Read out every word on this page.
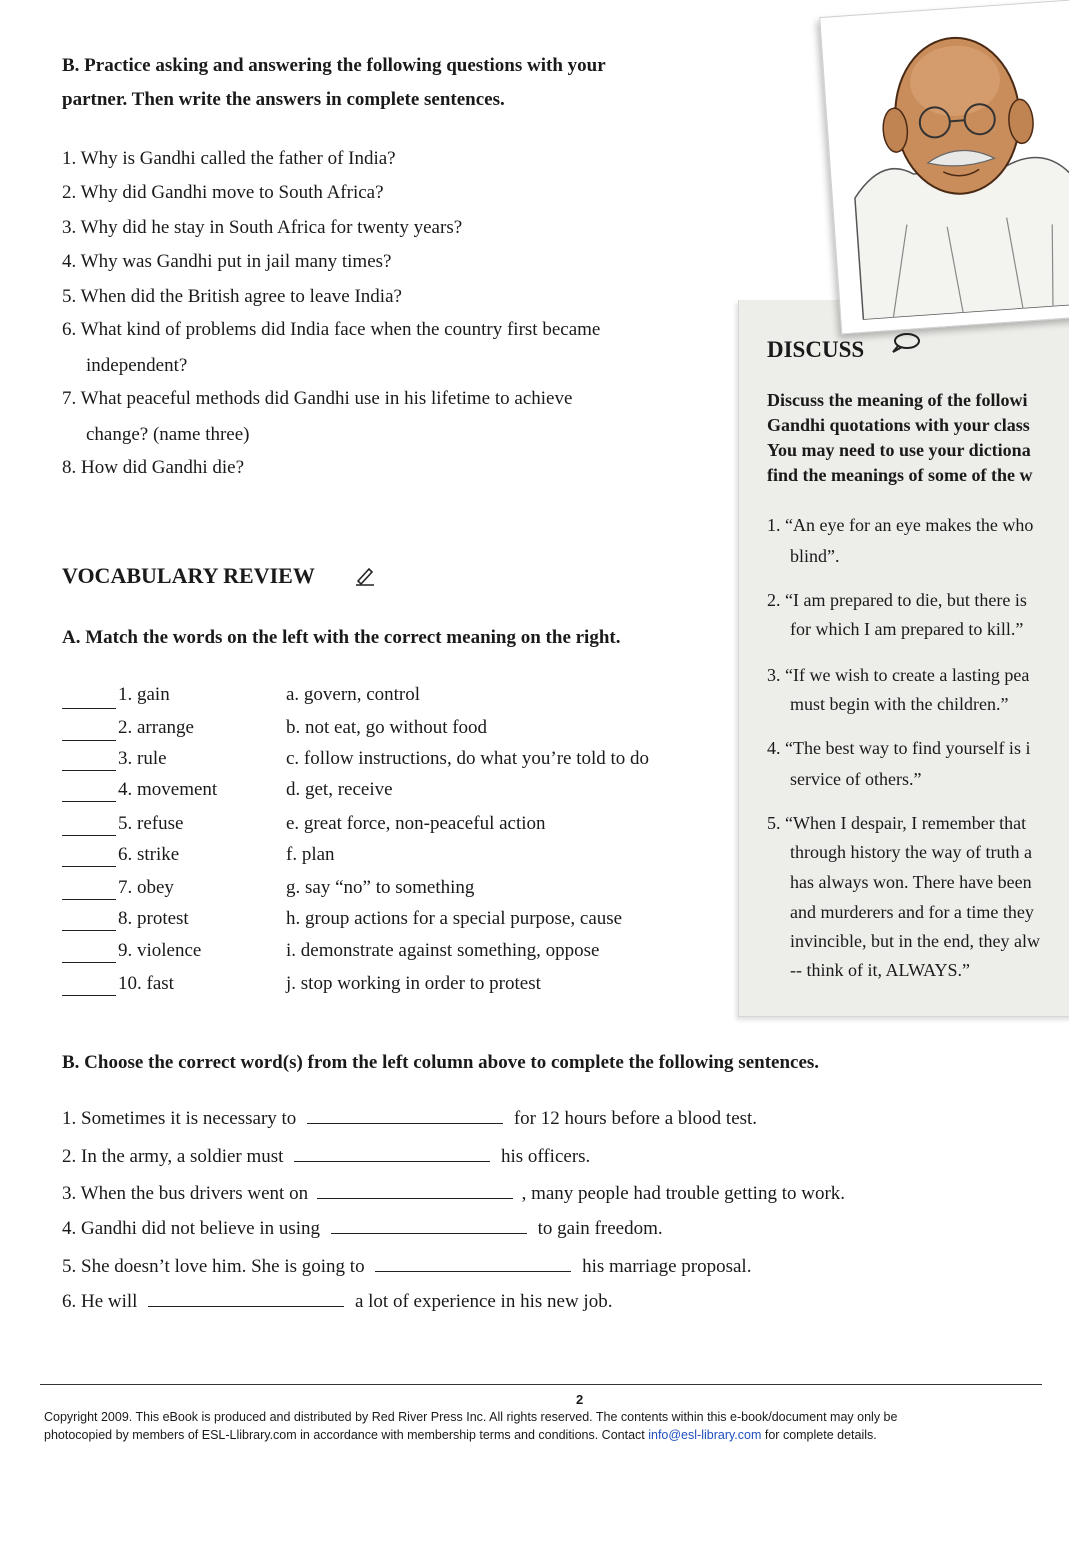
B. Practice asking and answering the following questions with your
partner. Then write the answers in complete sentences.
1. Why is Gandhi called the father of India?
2. Why did Gandhi move to South Africa?
3. Why did he stay in South Africa for twenty years?
4. Why was Gandhi put in jail many times?
5. When did the British agree to leave India?
6. What kind of problems did India face when the country first became
independent?
7. What peaceful methods did Gandhi use in his lifetime to achieve
change? (name three)
8. How did Gandhi die?
DISCUSS
Discuss the meaning of the followi
Gandhi quotations with your class
You may need to use your dictiona
find the meanings of some of the w
1. “An eye for an eye makes the who
blind”.
2. “I am prepared to die, but there is
for which I am prepared to kill.”
3. “If we wish to create a lasting pea
must begin with the children.”
4. “The best way to find yourself is i
service of others.”
5. “When I despair, I remember that
through history the way of truth a
has always won. There have been
and murderers and for a time they
invincible, but in the end, they alw
-- think of it, ALWAYS.”
VOCABULARY REVIEW
A. Match the words on the left with the correct meaning on the right.
1. gain	a. govern, control
2. arrange	b. not eat, go without food
3. rule	c. follow instructions, do what you’re told to do
4. movement	d. get, receive
5. refuse	e. great force, non-peaceful action
6. strike	f. plan
7. obey	g. say “no” to something
8. protest	h. group actions for a special purpose, cause
9. violence	i. demonstrate against something, oppose
10. fast	j. stop working in order to protest
B. Choose the correct word(s) from the left column above to complete the following sentences.
1. Sometimes it is necessary to	for 12 hours before a blood test.
2. In the army, a soldier must	his officers.
3. When the bus drivers went on	, many people had trouble getting to work.
4. Gandhi did not believe in using	to gain freedom.
5. She doesn’t love him. She is going to	his marriage proposal.
6. He will	a lot of experience in his new job.
2
Copyright 2009. This eBook is produced and distributed by Red River Press Inc. All rights reserved. The contents within this e-book/document may only be
photocopied by members of ESL-Llibrary.com in accordance with membership terms and conditions. Contact info@esl-library.com for complete details.
